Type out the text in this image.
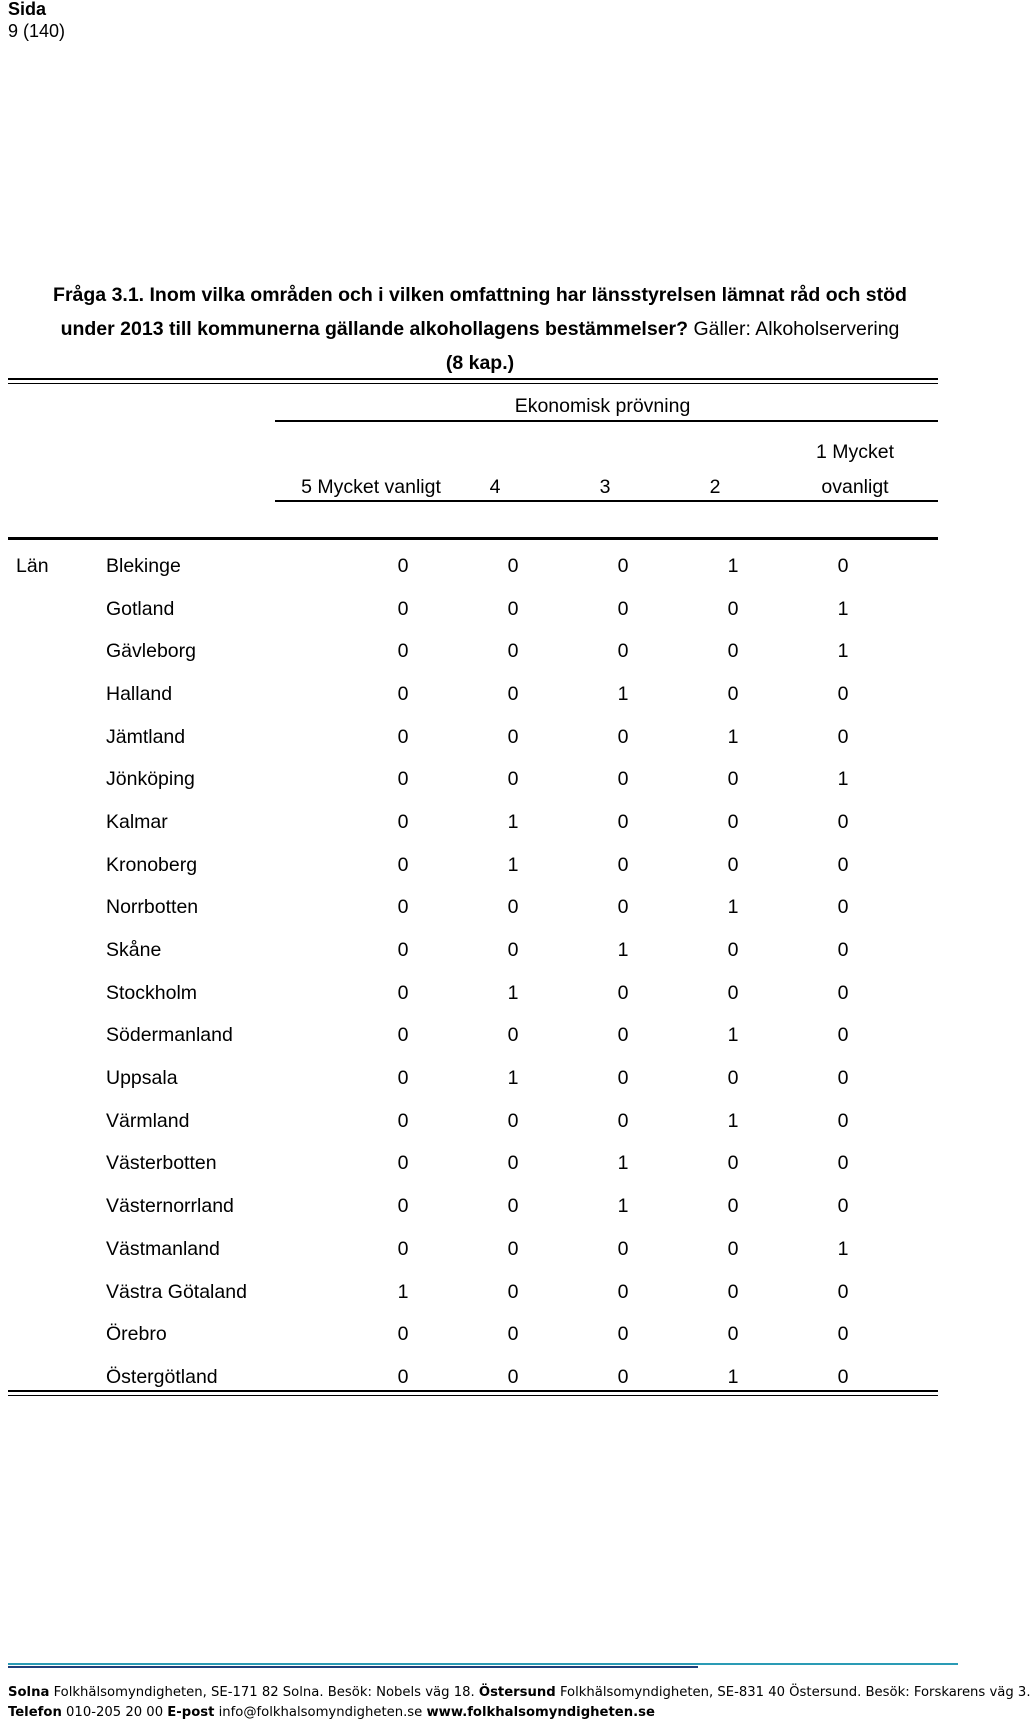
Sida
9 (140)
Fråga 3.1. Inom vilka områden och i vilken omfattning har länsstyrelsen lämnat råd och stöd
under 2013 till kommunerna gällande alkohollagens bestämmelser? Gäller: Alkoholservering
(8 kap.)
Ekonomisk prövning
5 Mycket vanligt	4	3	2
1 Mycket
ovanligt
Län	Blekinge	0	0	0	1	0
	Gotland	0	0	0	0	1
	Gävleborg	0	0	0	0	1
	Halland	0	0	1	0	0
	Jämtland	0	0	0	1	0
	Jönköping	0	0	0	0	1
	Kalmar	0	1	0	0	0
	Kronoberg	0	1	0	0	0
	Norrbotten	0	0	0	1	0
	Skåne	0	0	1	0	0
	Stockholm	0	1	0	0	0
	Södermanland	0	0	0	1	0
	Uppsala	0	1	0	0	0
	Värmland	0	0	0	1	0
	Västerbotten	0	0	1	0	0
	Västernorrland	0	0	1	0	0
	Västmanland	0	0	0	0	1
	Västra Götaland	1	0	0	0	0
	Örebro	0	0	0	0	0
	Östergötland	0	0	0	1	0
Solna Folkhälsomyndigheten, SE-171 82 Solna. Besök: Nobels väg 18. Östersund Folkhälsomyndigheten, SE-831 40 Östersund. Besök: Forskarens väg 3.
Telefon 010-205 20 00 E-post info@folkhalsomyndigheten.se www.folkhalsomyndigheten.se
